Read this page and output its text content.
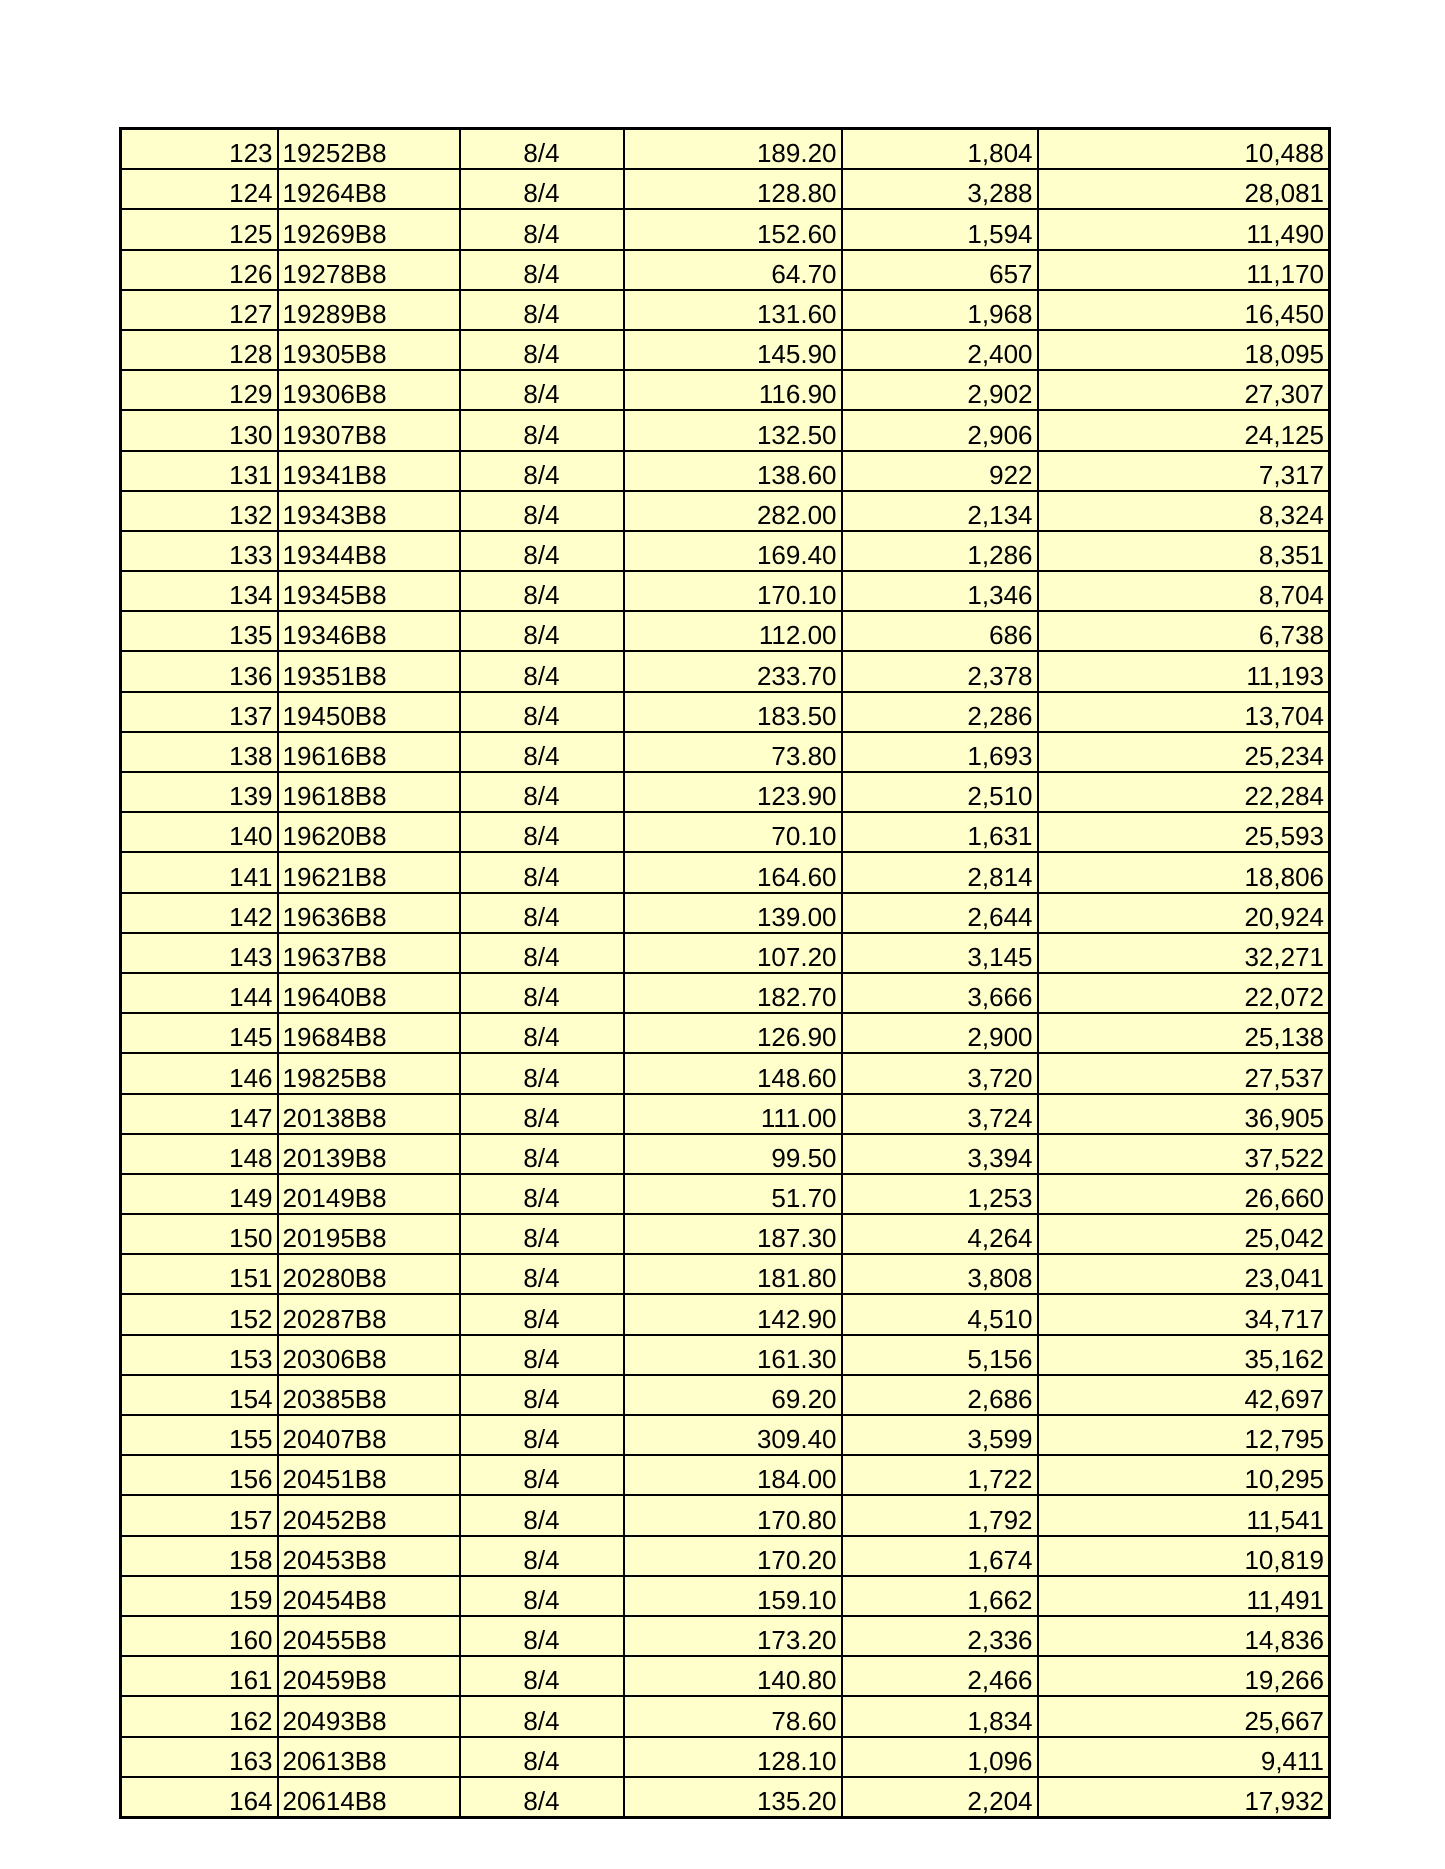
123	19252B8	8/4	189.20	1,804	10,488
124	19264B8	8/4	128.80	3,288	28,081
125	19269B8	8/4	152.60	1,594	11,490
126	19278B8	8/4	64.70	657	11,170
127	19289B8	8/4	131.60	1,968	16,450
128	19305B8	8/4	145.90	2,400	18,095
129	19306B8	8/4	116.90	2,902	27,307
130	19307B8	8/4	132.50	2,906	24,125
131	19341B8	8/4	138.60	922	7,317
132	19343B8	8/4	282.00	2,134	8,324
133	19344B8	8/4	169.40	1,286	8,351
134	19345B8	8/4	170.10	1,346	8,704
135	19346B8	8/4	112.00	686	6,738
136	19351B8	8/4	233.70	2,378	11,193
137	19450B8	8/4	183.50	2,286	13,704
138	19616B8	8/4	73.80	1,693	25,234
139	19618B8	8/4	123.90	2,510	22,284
140	19620B8	8/4	70.10	1,631	25,593
141	19621B8	8/4	164.60	2,814	18,806
142	19636B8	8/4	139.00	2,644	20,924
143	19637B8	8/4	107.20	3,145	32,271
144	19640B8	8/4	182.70	3,666	22,072
145	19684B8	8/4	126.90	2,900	25,138
146	19825B8	8/4	148.60	3,720	27,537
147	20138B8	8/4	111.00	3,724	36,905
148	20139B8	8/4	99.50	3,394	37,522
149	20149B8	8/4	51.70	1,253	26,660
150	20195B8	8/4	187.30	4,264	25,042
151	20280B8	8/4	181.80	3,808	23,041
152	20287B8	8/4	142.90	4,510	34,717
153	20306B8	8/4	161.30	5,156	35,162
154	20385B8	8/4	69.20	2,686	42,697
155	20407B8	8/4	309.40	3,599	12,795
156	20451B8	8/4	184.00	1,722	10,295
157	20452B8	8/4	170.80	1,792	11,541
158	20453B8	8/4	170.20	1,674	10,819
159	20454B8	8/4	159.10	1,662	11,491
160	20455B8	8/4	173.20	2,336	14,836
161	20459B8	8/4	140.80	2,466	19,266
162	20493B8	8/4	78.60	1,834	25,667
163	20613B8	8/4	128.10	1,096	9,411
164	20614B8	8/4	135.20	2,204	17,932
